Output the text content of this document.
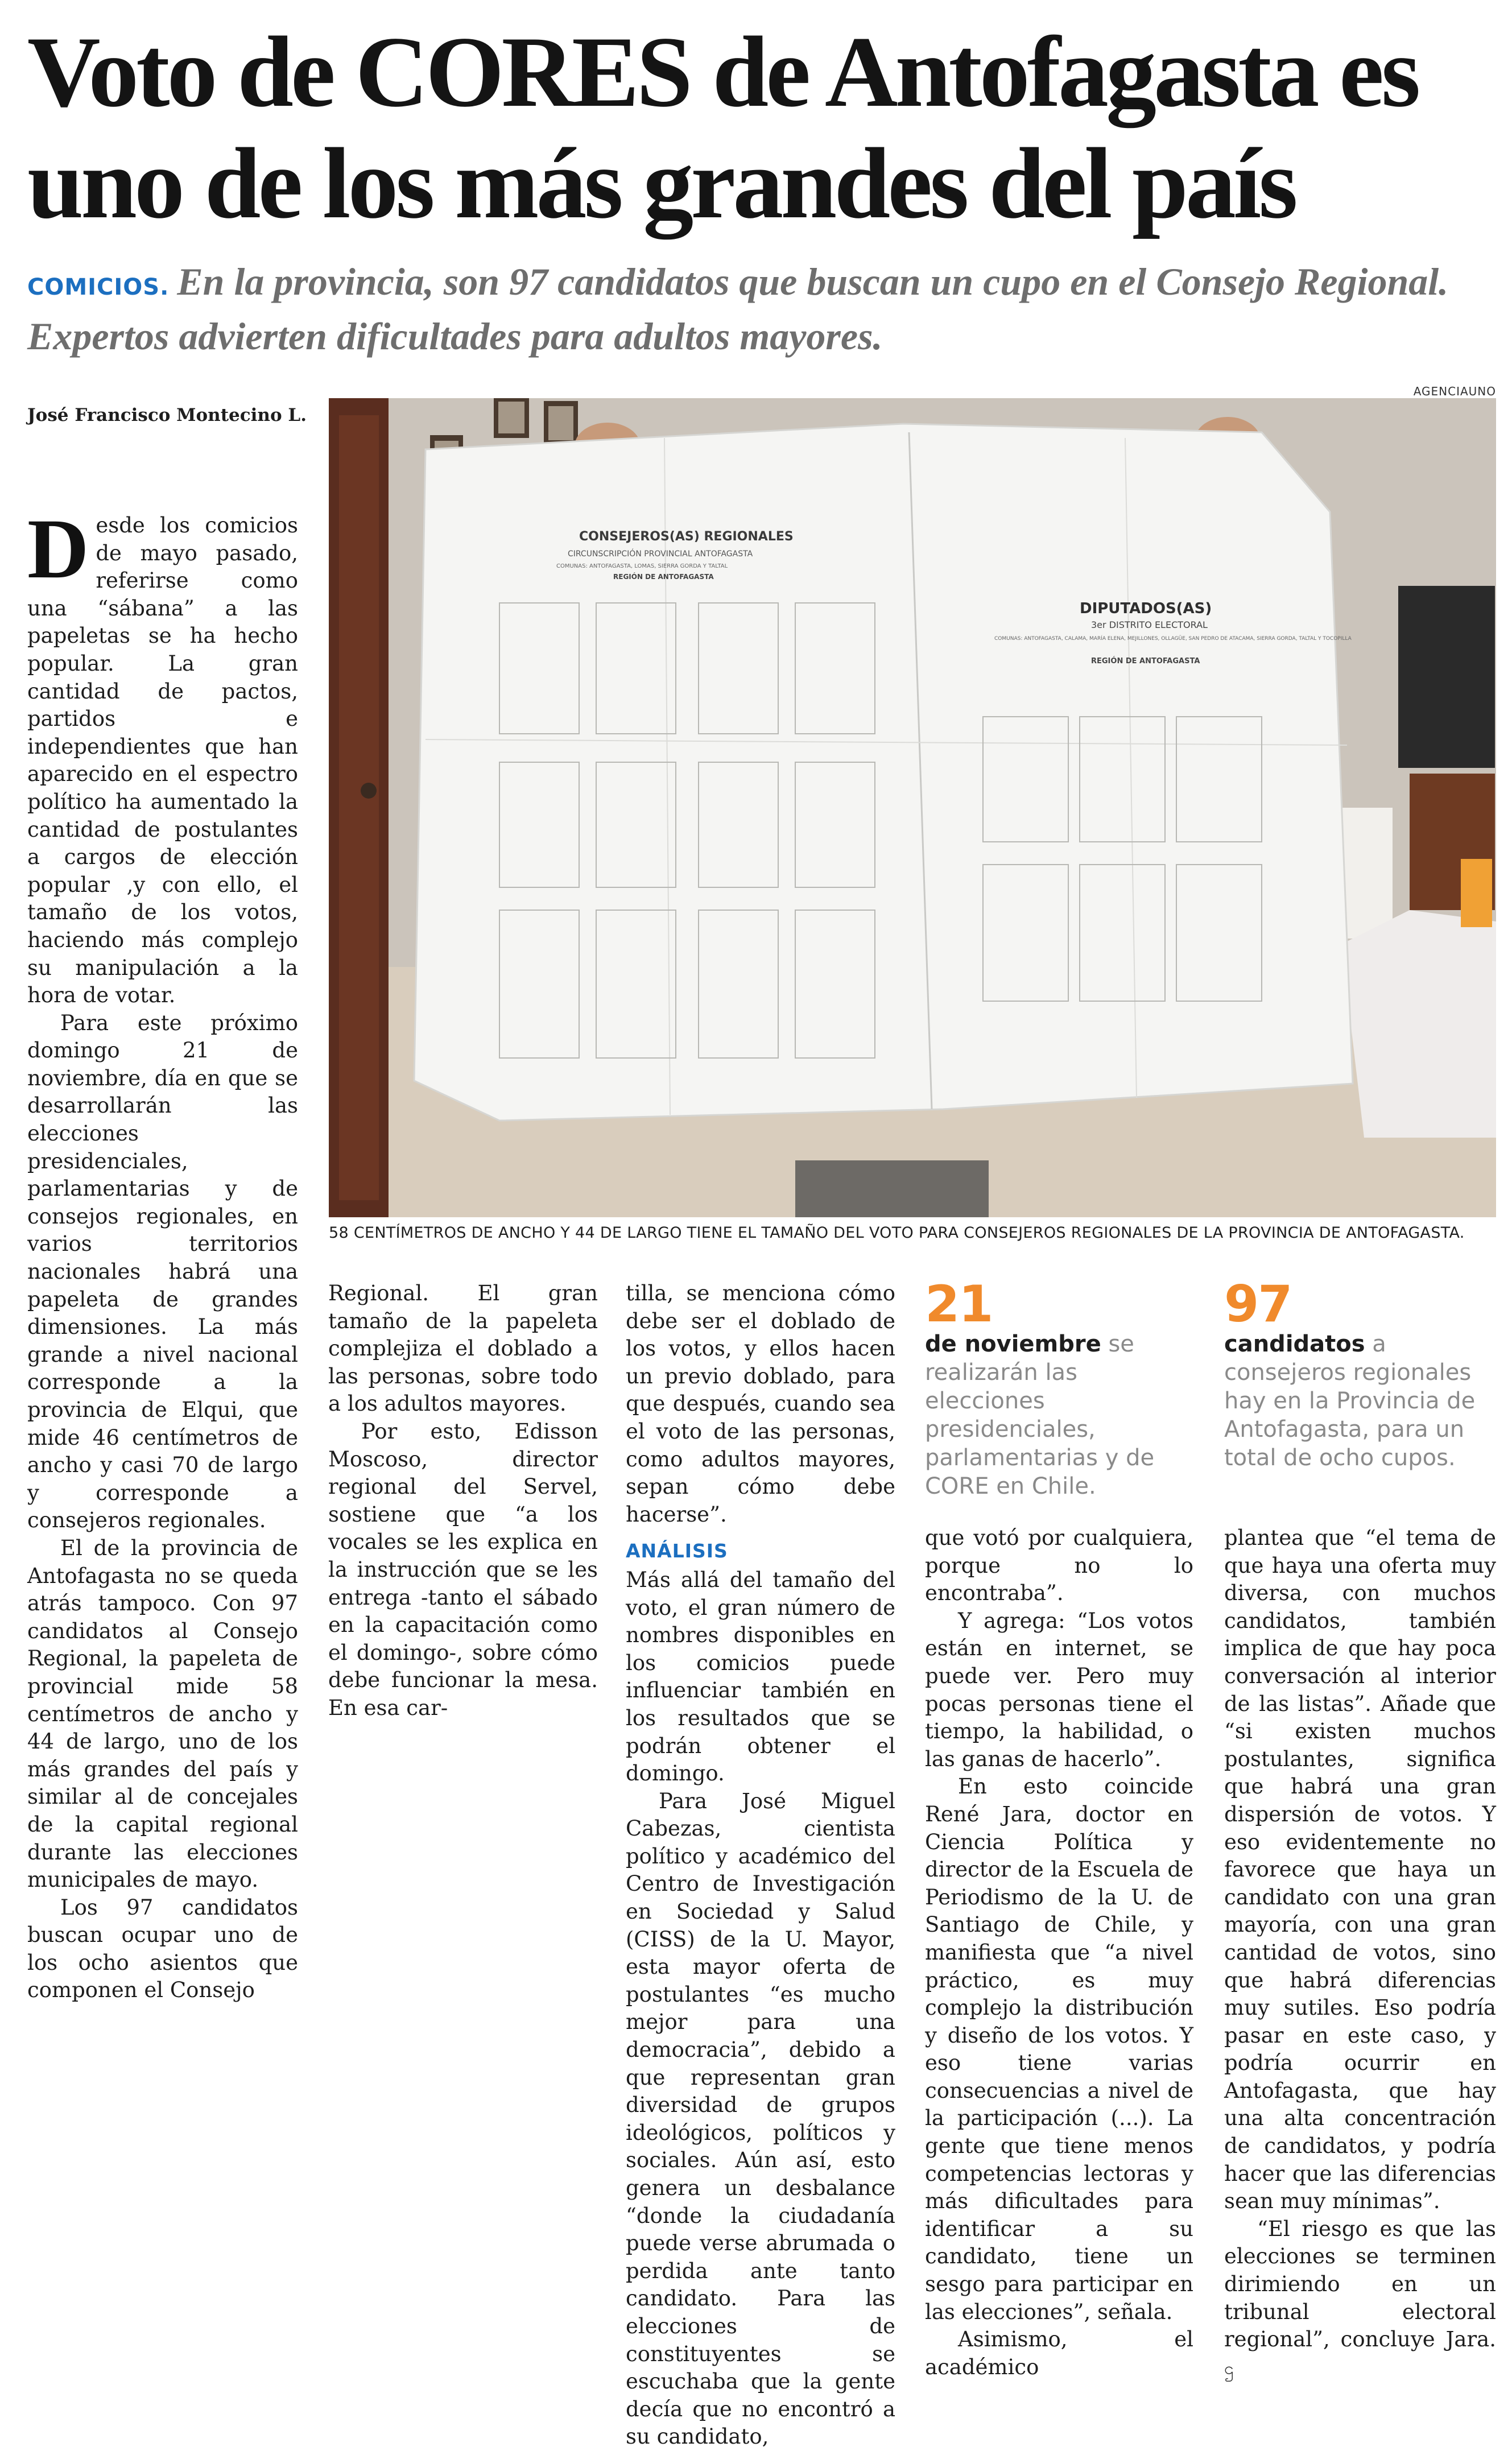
Voto de CORES de Antofagasta es uno de los más grandes del país
COMICIOS. En la provincia, son 97 candidatos que buscan un cupo en el Consejo Regional. Expertos advierten dificultades para adultos mayores.
José Francisco Montecino L.
AGENCIAUNO
CONSEJEROS(AS) REGIONALES
CIRCUNSCRIPCIÓN PROVINCIAL ANTOFAGASTA
COMUNAS: ANTOFAGASTA, LOMAS, SIERRA GORDA Y TALTAL
REGIÓN DE ANTOFAGASTA
DIPUTADOS(AS)
3er DISTRITO ELECTORAL
COMUNAS: ANTOFAGASTA, CALAMA, MARÍA ELENA, MEJILLONES, OLLAGÜE, SAN PEDRO DE ATACAMA, SIERRA GORDA, TALTAL Y TOCOPILLA
REGIÓN DE ANTOFAGASTA
58 CENTÍMETROS DE ANCHO Y 44 DE LARGO TIENE EL TAMAÑO DEL VOTO PARA CONSEJEROS REGIONALES DE LA PROVINCIA DE ANTOFAGASTA.

Desde los comicios de mayo pasado, referirse como una “sábana” a las papeletas se ha hecho popular. La gran cantidad de pactos, partidos e independientes que han aparecido en el espectro político ha aumentado la cantidad de postulantes a cargos de elección popular ,y con ello, el tamaño de los votos, haciendo más complejo su manipulación a la hora de votar.

Para este próximo domingo 21 de noviembre, día en que se desarrollarán las elecciones presidenciales, parlamentarias y de consejos regionales, en varios territorios nacionales habrá una papeleta de grandes dimensiones. La más grande a nivel nacional corresponde a la provincia de Elqui, que mide 46 centímetros de ancho y casi 70 de largo y corresponde a consejeros regionales.

El de la provincia de Antofagasta no se queda atrás tampoco. Con 97 candidatos al Consejo Regional, la papeleta de provincial mide 58 centímetros de ancho y 44 de largo, uno de los más grandes del país y similar al de concejales de la capital regional durante las elecciones municipales de mayo.

Los 97 candidatos buscan ocupar uno de los ocho asientos que componen el Consejo

Regional. El gran tamaño de la papeleta complejiza el doblado a las personas, sobre todo a los adultos mayores.

Por esto, Edisson Moscoso, director regional del Servel, sostiene que “a los vocales se les explica en la instrucción que se les entrega -tanto el sábado en la capacitación como el domingo-, sobre cómo debe funcionar la mesa. En esa car-

tilla, se menciona cómo debe ser el doblado de los votos, y ellos hacen un previo doblado, para que después, cuando sea el voto de las personas, como adultos mayores, sepan cómo debe hacerse”.

ANÁLISIS

Más allá del tamaño del voto, el gran número de nombres disponibles en los comicios puede influenciar también en los resultados que se podrán obtener el domingo.

Para José Miguel Cabezas, cientista político y académico del Centro de Investigación en Sociedad y Salud (CISS) de la U. Mayor, esta mayor oferta de postulantes “es mucho mejor para una democracia”, debido a que representan gran diversidad de grupos ideológicos, políticos y sociales. Aún así, esto genera un desbalance “donde la ciudadanía puede verse abrumada o perdida ante tanto candidato. Para las elecciones de constituyentes se escuchaba que la gente decía que no encontró a su candidato,

21
de noviembre se realizarán las elecciones presidenciales, parlamentarias y de CORE en Chile.
97
candidatos a consejeros regionales hay en la Provincia de Antofagasta, para un total de ocho cupos.

que votó por cualquiera, porque no lo encontraba”.

Y agrega: “Los votos están en internet, se puede ver. Pero muy pocas personas tiene el tiempo, la habilidad, o las ganas de hacerlo”.

En esto coincide René Jara, doctor en Ciencia Política y director de la Escuela de Periodismo de la U. de Santiago de Chile, y manifiesta que “a nivel práctico, es muy complejo la distribución y diseño de los votos. Y eso tiene varias consecuencias a nivel de la participación (...). La gente que tiene menos competencias lectoras y más dificultades para identificar a su candidato, tiene un sesgo para participar en las elecciones”, señala.

Asimismo, el académico

plantea que “el tema de que haya una oferta muy diversa, con muchos candidatos, también implica de que hay poca conversación al interior de las listas”. Añade que “si existen muchos postulantes, significa que habrá una gran dispersión de votos. Y eso evidentemente no favorece que haya un candidato con una gran mayoría, con una gran cantidad de votos, sino que habrá diferencias muy sutiles. Eso podría pasar en este caso, y podría ocurrir en Antofagasta, que hay una alta concentración de candidatos, y podría hacer que las diferencias sean muy mínimas”.

“El riesgo es que las elecciones se terminen dirimiendo en un tribunal electoral regional”, concluye Jara. ဌ
